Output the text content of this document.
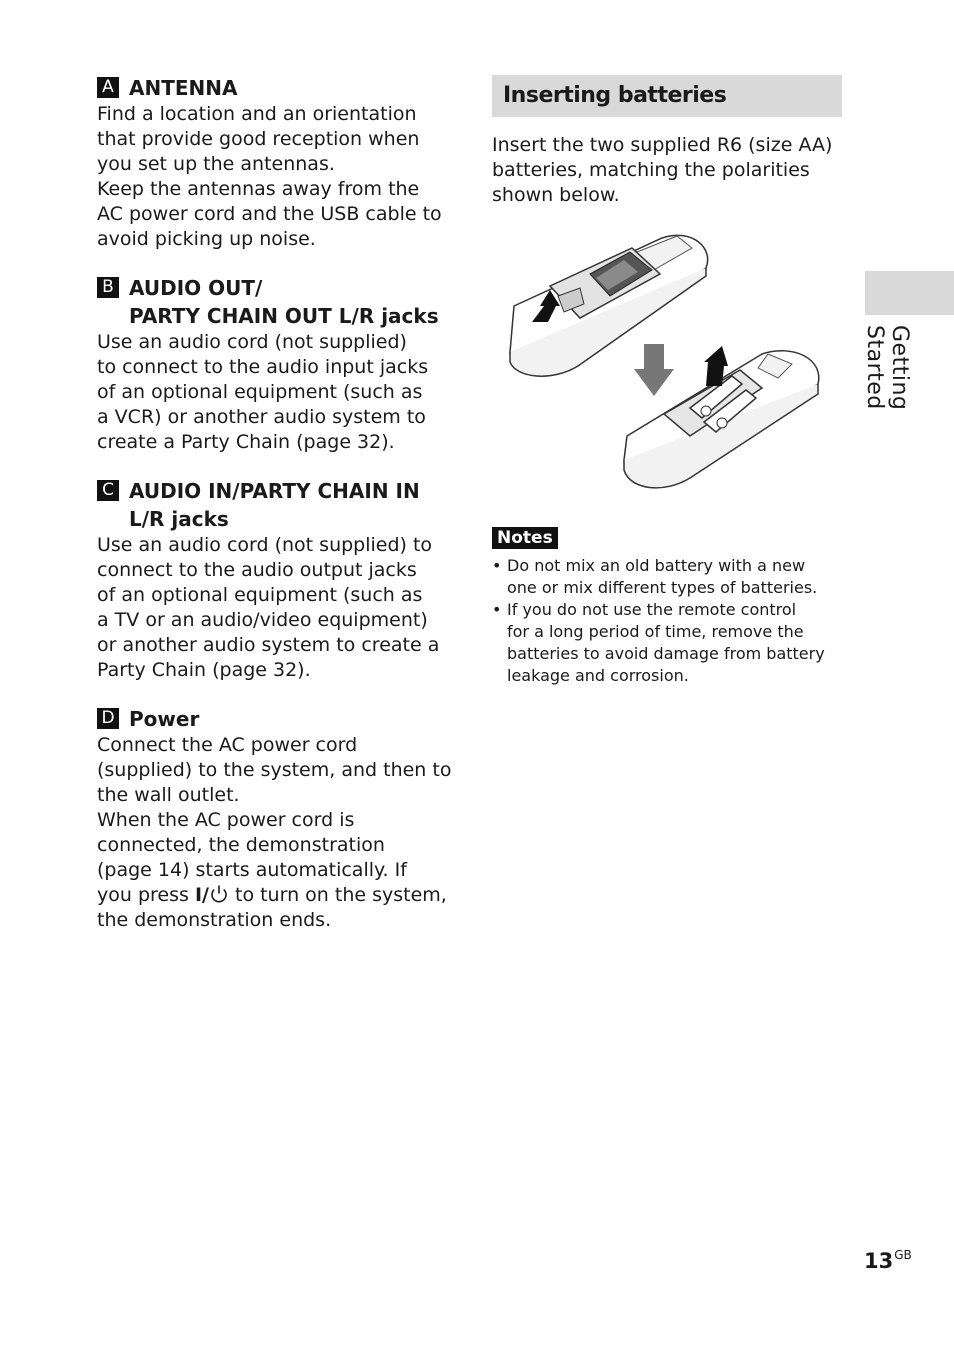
A ANTENNA
Find a location and an orientation
that provide good reception when
you set up the antennas.
Keep the antennas away from the
AC power cord and the USB cable to
avoid picking up noise.
B AUDIO OUT/
PARTY CHAIN OUT L/R jacks
Use an audio cord (not supplied)
to connect to the audio input jacks
of an optional equipment (such as
a VCR) or another audio system to
create a Party Chain (page 32).
C AUDIO IN/PARTY CHAIN IN
L/R jacks
Use an audio cord (not supplied) to
connect to the audio output jacks
of an optional equipment (such as
a TV or an audio/video equipment)
or another audio system to create a
Party Chain (page 32).
D Power
Connect the AC power cord
(supplied) to the system, and then to
the wall outlet.
When the AC power cord is
connected, the demonstration
(page 14) starts automatically. If
you press I/ to turn on the system,
the demonstration ends.
Inserting batteries
Insert the two supplied R6 (size AA)
batteries, matching the polarities
shown below.
Notes
• Do not mix an old battery with a new
one or mix different types of batteries.
• If you do not use the remote control
for a long period of time, remove the
batteries to avoid damage from battery
leakage and corrosion.
Getting Started
$13^{GB}$
